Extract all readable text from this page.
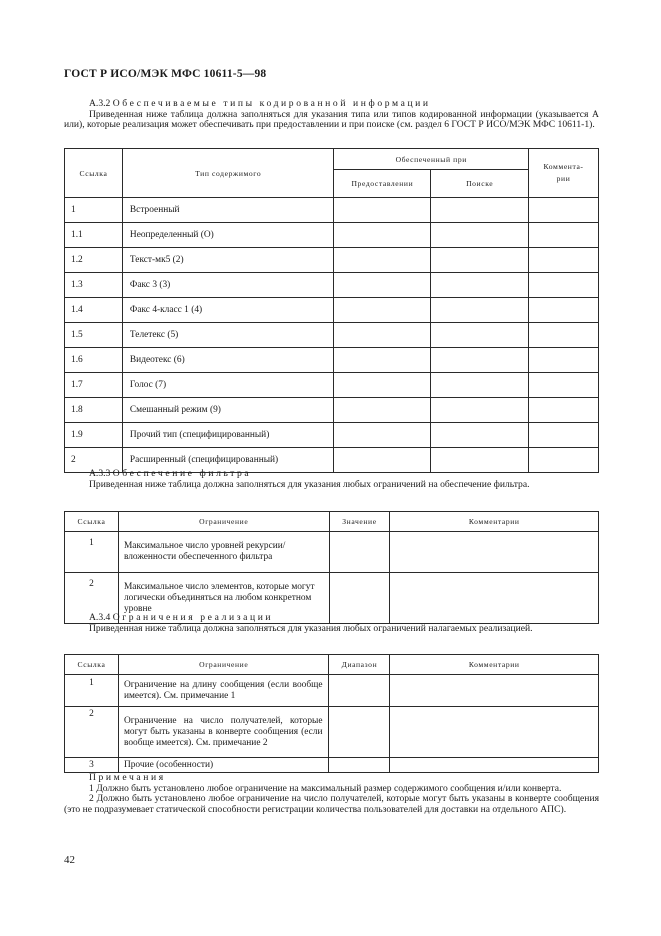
ГОСТ Р ИСО/МЭК МФС 10611-5—98
А.3.2 Обеспечиваемые типы кодированной информации
Приведенная ниже таблица должна заполняться для указания типа или типов кодированной информации (указывается А или), которые реализация может обеспечивать при предоставлении и при поиске (см. раздел 6 ГОСТ Р ИСО/МЭК МФС 10611-1).
Ссылка	Тип содержимого	Обеспеченный при		Коммента-
рии
		Предоставлении	Поиске	
1	Встроенный			
1.1	Неопределенный (О)			
1.2	Текст-мк5 (2)			
1.3	Факс 3 (3)			
1.4	Факс 4-класс 1 (4)			
1.5	Телетекс (5)			
1.6	Видеотекс (6)			
1.7	Голос (7)			
1.8	Смешанный режим (9)			
1.9	Прочий тип (специфицированный)			
2	Расширенный (специфицированный)			
А.3.3 Обеспечение фильтра
Приведенная ниже таблица должна заполняться для указания любых ограничений на обеспечение фильтра.
Ссылка	Ограничение	Значение	Комментарии
1	Максимальное число уровней рекурсии/вложенности обеспеченного фильтра		
2	Максимальное число элементов, которые могут логически объединяться на любом конкретном уровне		
А.3.4 Ограничения реализации
Приведенная ниже таблица должна заполняться для указания любых ограничений налагаемых реализацией.
Ссылка	Ограничение	Диапазон	Комментарии
1	Ограничение на длину сообщения (если вообще имеется). См. примечание 1		
2	Ограничение на число получателей, которые могут быть указаны в конверте сообщения (если вообще имеется). См. примечание 2		
3	Прочие (особенности)		
Примечания

1 Должно быть установлено любое ограничение на максимальный размер содержимого сообщения и/или конверта.

2 Должно быть установлено любое ограничение на число получателей, которые могут быть указаны в конверте сообщения (это не подразумевает статической способности регистрации количества пользователей для доставки на отдельного АПС).

42
